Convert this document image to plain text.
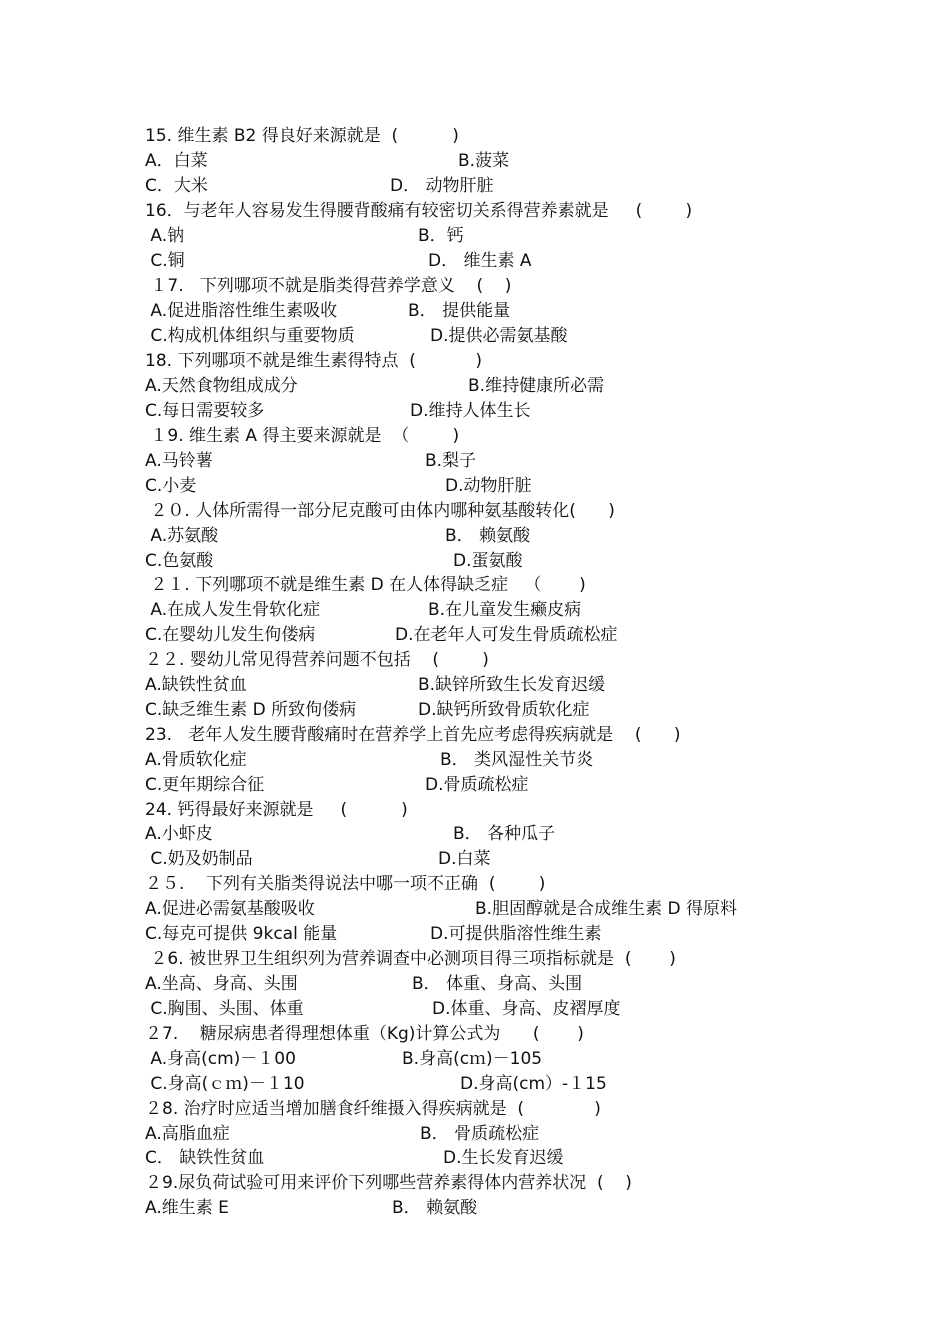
15. 维生素 B2 得良好来源就是  (          )

A．白菜

	B.菠菜

C．大米

	D． 动物肝脏

16．与老年人容易发生得腰背酸痛有较密切关系得营养素就是     (        )

A.钠

	B．钙

C.铜

	D． 维生素 A

１7.   下列哪项不就是脂类得营养学意义    (    )

A.促进脂溶性维生素吸收

	B． 提供能量

C.构成机体组织与重要物质

	D.提供必需氨基酸

18. 下列哪项不就是维生素得特点  (           )

A.天然食物组成成分

	B.维持健康所必需

C.每日需要较多

	D.维持人体生长

１9. 维生素 A 得主要来源就是  （        )

A.马铃薯

	B.梨子

C.小麦

	D.动物肝脏

２０. 人体所需得一部分尼克酸可由体内哪种氨基酸转化(      )

A.苏氨酸

	B． 赖氨酸

C.色氨酸

	D.蛋氨酸

２１. 下列哪项不就是维生素 D 在人体得缺乏症   （       )

A.在成人发生骨软化症

	B.在儿童发生癞皮病

C.在婴幼儿发生佝偻病

	D.在老年人可发生骨质疏松症

２２. 婴幼儿常见得营养问题不包括    (        )

A.缺铁性贫血

	B.缺锌所致生长发育迟缓

C.缺乏维生素 D 所致佝偻病

	D.缺钙所致骨质软化症

23.   老年人发生腰背酸痛时在营养学上首先应考虑得疾病就是    (      )

A.骨质软化症

	B． 类风湿性关节炎

C.更年期综合征

	D.骨质疏松症

24. 钙得最好来源就是     (          )

A.小虾皮

	B． 各种瓜子

C.奶及奶制品

	D.白菜

２５.    下列有关脂类得说法中哪一项不正确  (        )

A.促进必需氨基酸吸收

	B.胆固醇就是合成维生素 D 得原料

C.每克可提供 9kcal 能量

	D.可提供脂溶性维生素

２6. 被世界卫生组织列为营养调查中必测项目得三项指标就是  (       )

A.坐高、身高、头围

	B． 体重、身高、头围

C.胸围、头围、体重

	D.体重、身高、皮褶厚度

２7.    糖尿病患者得理想体重（Kg)计算公式为      (       )

A.身高(cm)－１00

	B.身高(cｍ)－105

C.身高(ｃｍ)－１10

	D.身高(cm）-１15

２8. 治疗时应适当增加膳食纤维摄入得疾病就是  (             )

A.高脂血症

	B． 骨质疏松症

C． 缺铁性贫血

	D.生长发育迟缓

２9.尿负荷试验可用来评价下列哪些营养素得体内营养状况  (    )

A.维生素 E

	B． 赖氨酸
